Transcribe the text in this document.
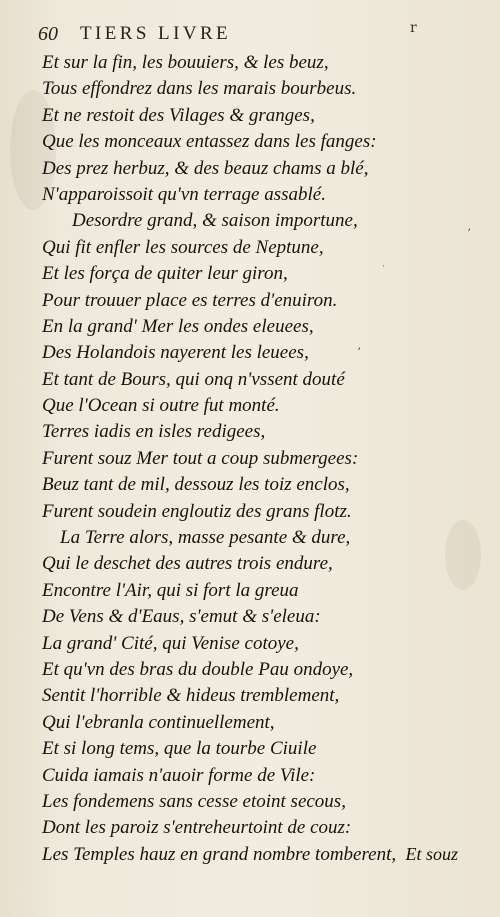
60 TIERS LIVRE	r
Et sur la fin, les bouuiers, & les beuz,
Tous effondrez dans les marais bourbeus.
Et ne restoit des Vilages & granges,
Que les monceaux entassez dans les fanges:
Des prez herbuz, & des beauz chams a blé,
N'apparoissoit qu'vn terrage assablé.
Desordre grand, & saison importune,
Qui fit enfler les sources de Neptune,
Et les força de quiter leur giron,
Pour trouuer place es terres d'enuiron.
En la grand' Mer les ondes eleuees,
Des Holandois nayerent les leuees,
Et tant de Bours, qui onq n'vssent douté
Que l'Ocean si outre fut monté.
Terres iadis en isles redigees,
Furent souz Mer tout a coup submergees:
Beuz tant de mil, dessouz les toiz enclos,
Furent soudein engloutiz des grans flotz.
La Terre alors, masse pesante & dure,
Qui le deschet des autres trois endure,
Encontre l'Air, qui si fort la greua
De Vens & d'Eaus, s'emut & s'eleua:
La grand' Cité, qui Venise cotoye,
Et qu'vn des bras du double Pau ondoye,
Sentit l'horrible & hideus tremblement,
Qui l'ebranla continuellement,
Et si long tems, que la tourbe Ciuile
Cuida iamais n'auoir forme de Vile:
Les fondemens sans cesse etoint secous,
Dont les paroiz s'entreheurtoint de couz:
Les Temples hauz en grand nombre tomberent, Et souz
ʼ
·
ʼ
